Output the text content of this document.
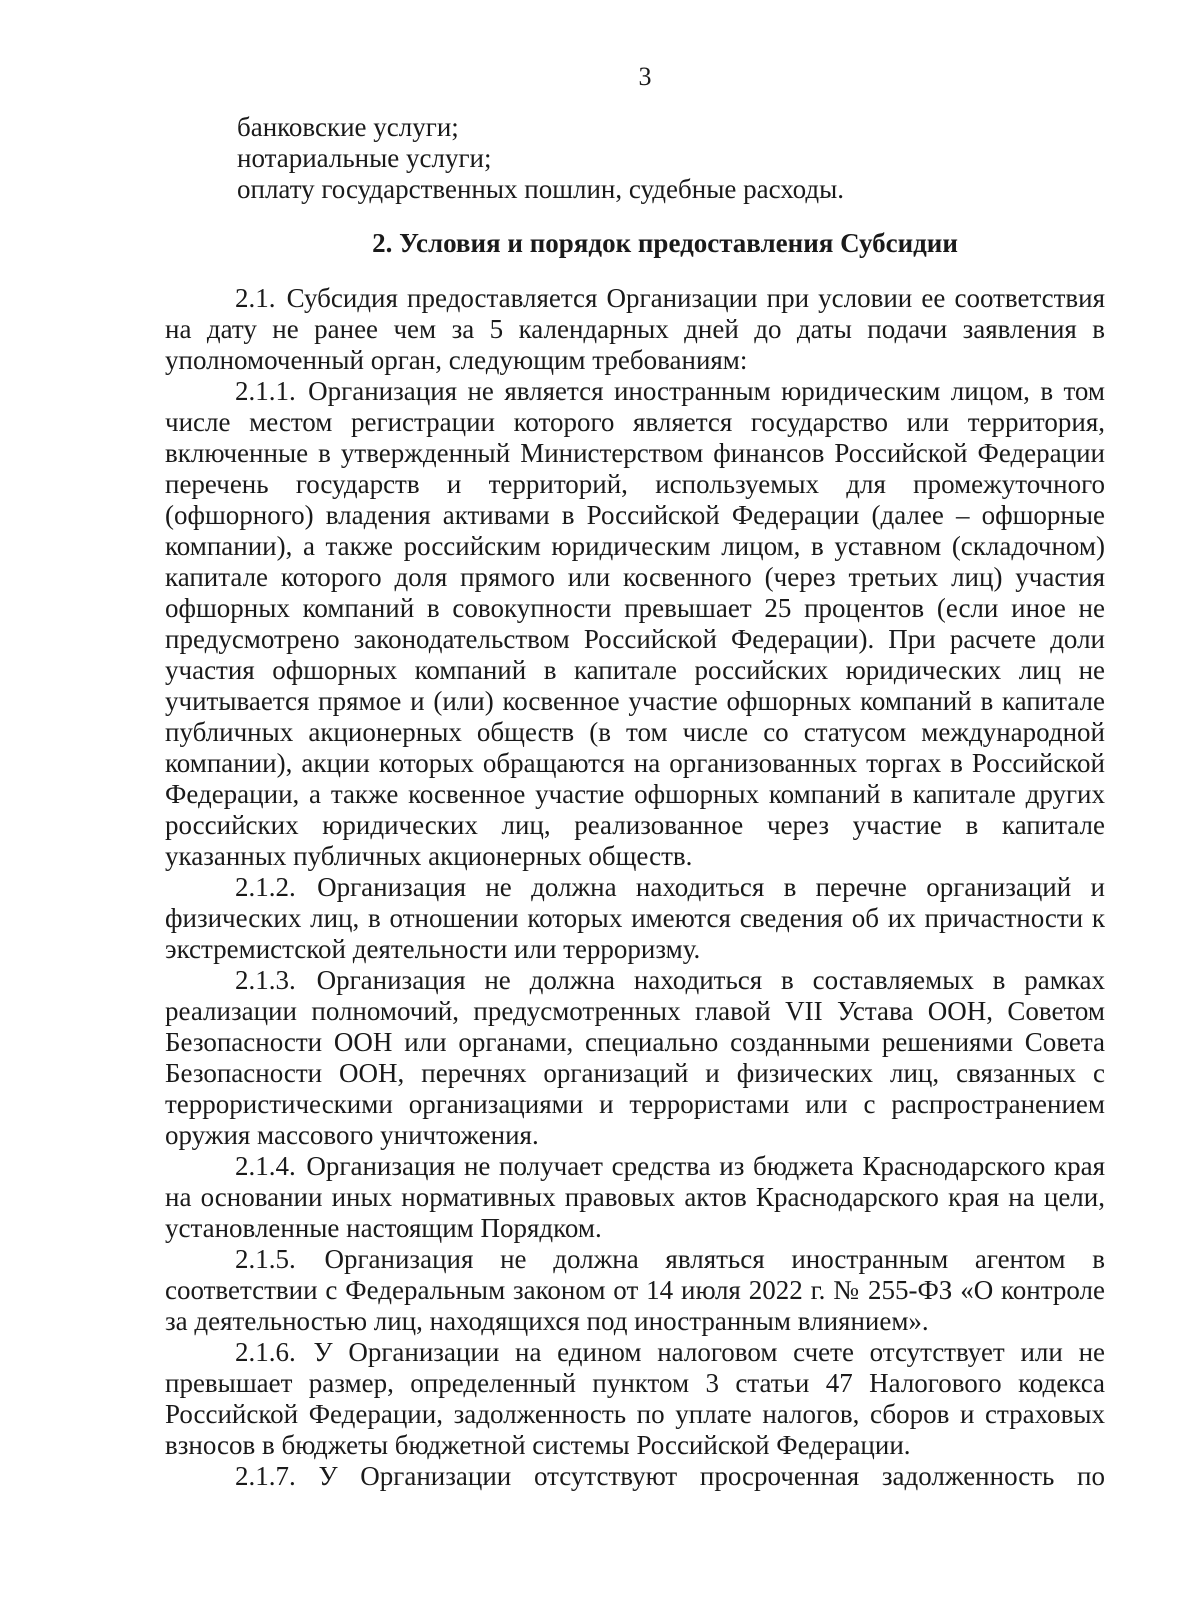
3

банковские услуги;

нотариальные услуги;

оплату государственных пошлин, судебные расходы.

2. Условия и порядок предоставления Субсидии

2.1. Субсидия предоставляется Организации при условии ее соответствия на дату не ранее чем за 5 календарных дней до даты подачи заявления в уполномоченный орган, следующим требованиям:

2.1.1. Организация не является иностранным юридическим лицом, в том числе местом регистрации которого является государство или территория, включенные в утвержденный Министерством финансов Российской Федерации перечень государств и территорий, используемых для промежуточного (офшорного) владения активами в Российской Федерации (далее – офшорные компании), а также российским юридическим лицом, в уставном (складочном) капитале которого доля прямого или косвенного (через третьих лиц) участия офшорных компаний в совокупности превышает 25 процентов (если иное не предусмотрено законодательством Российской Федерации). При расчете доли участия офшорных компаний в капитале российских юридических лиц не учитывается прямое и (или) косвенное участие офшорных компаний в капитале публичных акционерных обществ (в том числе со статусом международной компании), акции которых обращаются на организованных торгах в Российской Федерации, а также косвенное участие офшорных компаний в капитале других российских юридических лиц, реализованное через участие в капитале указанных публичных акционерных обществ.

2.1.2. Организация не должна находиться в перечне организаций и физических лиц, в отношении которых имеются сведения об их причастности к экстремистской деятельности или терроризму.

2.1.3. Организация не должна находиться в составляемых в рамках реализации полномочий, предусмотренных главой VII Устава ООН, Советом Безопасности ООН или органами, специально созданными решениями Совета Безопасности ООН, перечнях организаций и физических лиц, связанных с террористическими организациями и террористами или с распространением оружия массового уничтожения.

2.1.4. Организация не получает средства из бюджета Краснодарского края на основании иных нормативных правовых актов Краснодарского края на цели, установленные настоящим Порядком.

2.1.5. Организация не должна являться иностранным агентом в соответствии с Федеральным законом от 14 июля 2022 г. № 255-ФЗ «О контроле за деятельностью лиц, находящихся под иностранным влиянием».

2.1.6. У Организации на едином налоговом счете отсутствует или не превышает размер, определенный пунктом 3 статьи 47 Налогового кодекса Российской Федерации, задолженность по уплате налогов, сборов и страховых взносов в бюджеты бюджетной системы Российской Федерации.

2.1.7. У Организации отсутствуют просроченная задолженность по
